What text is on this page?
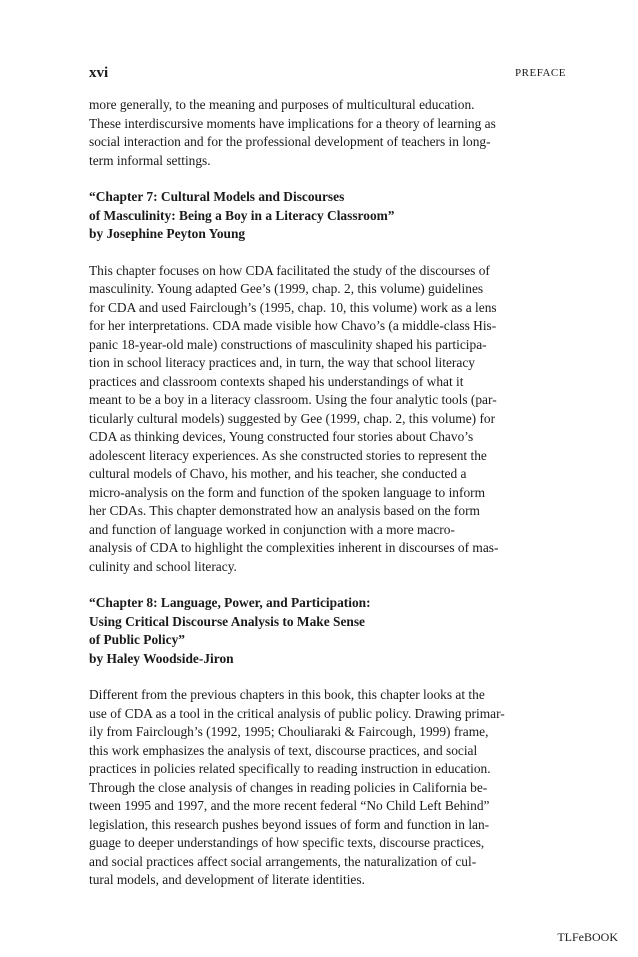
xvi	PREFACE
more generally, to the meaning and purposes of multicultural education.
These interdiscursive moments have implications for a theory of learning as
social interaction and for the professional development of teachers in long-
term informal settings.
“Chapter 7: Cultural Models and Discourses
of Masculinity: Being a Boy in a Literacy Classroom”
by Josephine Peyton Young
This chapter focuses on how CDA facilitated the study of the discourses of
masculinity. Young adapted Gee’s (1999, chap. 2, this volume) guidelines
for CDA and used Fairclough’s (1995, chap. 10, this volume) work as a lens
for her interpretations. CDA made visible how Chavo’s (a middle-class His-
panic 18-year-old male) constructions of masculinity shaped his participa-
tion in school literacy practices and, in turn, the way that school literacy
practices and classroom contexts shaped his understandings of what it
meant to be a boy in a literacy classroom. Using the four analytic tools (par-
ticularly cultural models) suggested by Gee (1999, chap. 2, this volume) for
CDA as thinking devices, Young constructed four stories about Chavo’s
adolescent literacy experiences. As she constructed stories to represent the
cultural models of Chavo, his mother, and his teacher, she conducted a
micro-analysis on the form and function of the spoken language to inform
her CDAs. This chapter demonstrated how an analysis based on the form
and function of language worked in conjunction with a more macro-
analysis of CDA to highlight the complexities inherent in discourses of mas-
culinity and school literacy.
“Chapter 8: Language, Power, and Participation:
Using Critical Discourse Analysis to Make Sense
of Public Policy”
by Haley Woodside-Jiron
Different from the previous chapters in this book, this chapter looks at the
use of CDA as a tool in the critical analysis of public policy. Drawing primar-
ily from Fairclough’s (1992, 1995; Chouliaraki & Faircough, 1999) frame,
this work emphasizes the analysis of text, discourse practices, and social
practices in policies related specifically to reading instruction in education.
Through the close analysis of changes in reading policies in California be-
tween 1995 and 1997, and the more recent federal “No Child Left Behind”
legislation, this research pushes beyond issues of form and function in lan-
guage to deeper understandings of how specific texts, discourse practices,
and social practices affect social arrangements, the naturalization of cul-
tural models, and development of literate identities.
TLFeBOOK
